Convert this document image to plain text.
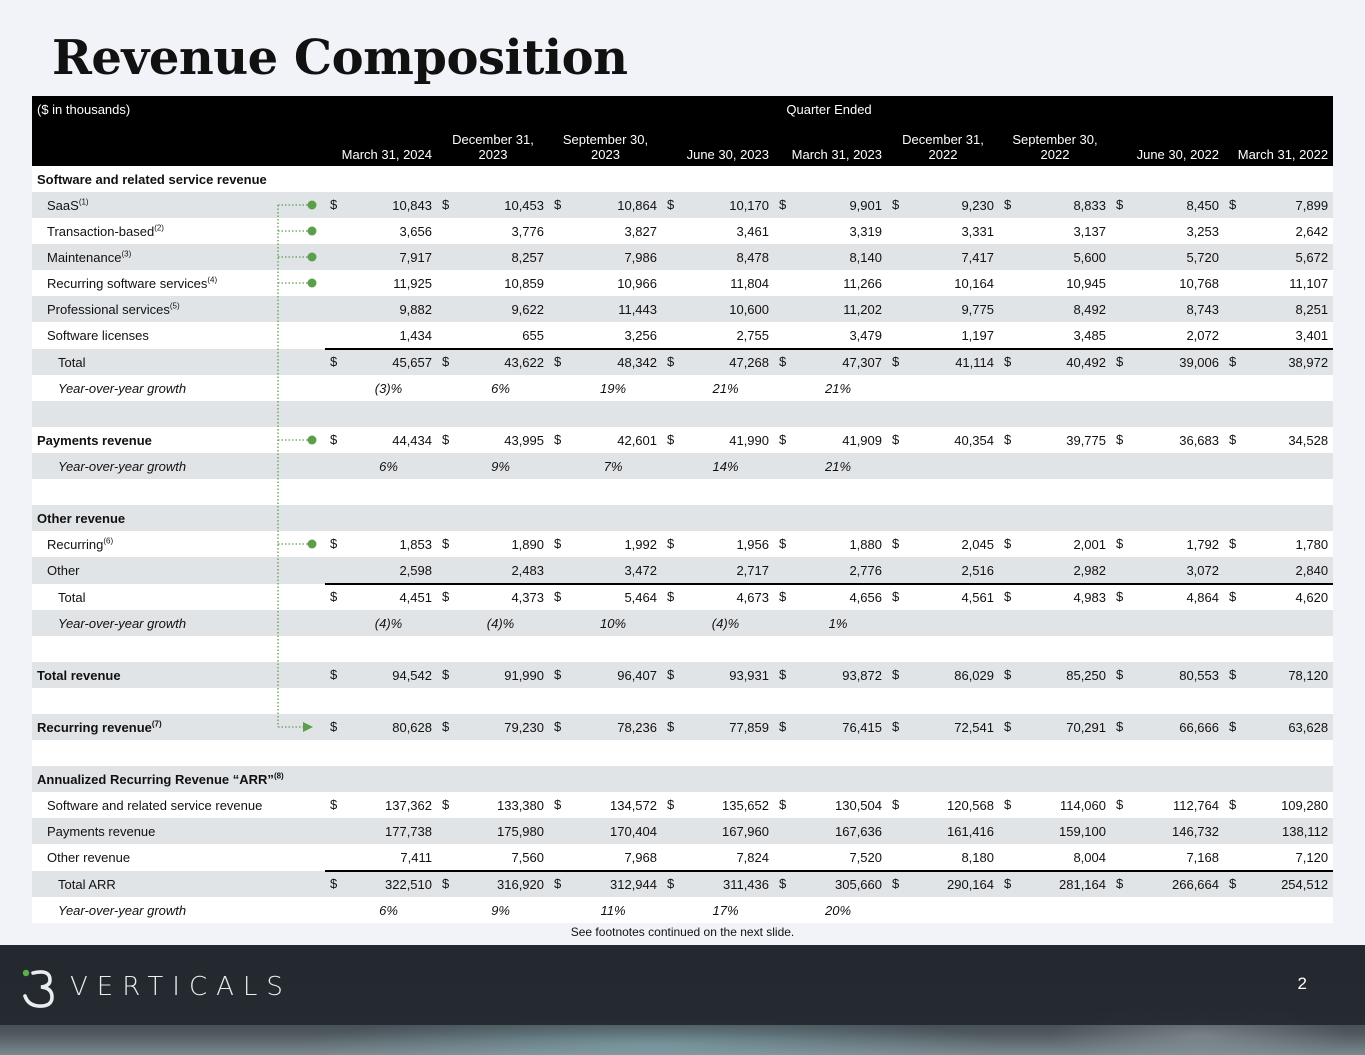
Revenue Composition
($ in thousands)	Quarter Ended								
	March 31, 2024	December 31, 2023	September 30, 2023	June 30, 2023	March 31, 2023	December 31, 2022	September 30, 2022	June 30, 2022	March 31, 2022
Software and related service revenue									
SaaS$^{(1)}$	$ 10,843	$ 10,453	$ 10,864	$ 10,170	$ 9,901	$ 9,230	$ 8,833	$ 8,450	$ 7,899
Transaction-based$^{(2)}$	3,656	3,776	3,827	3,461	3,319	3,331	3,137	3,253	2,642
Maintenance$^{(3)}$	7,917	8,257	7,986	8,478	8,140	7,417	5,600	5,720	5,672
Recurring software services$^{(4)}$	11,925	10,859	10,966	11,804	11,266	10,164	10,945	10,768	11,107
Professional services$^{(5)}$	9,882	9,622	11,443	10,600	11,202	9,775	8,492	8,743	8,251
Software licenses	1,434	655	3,256	2,755	3,479	1,197	3,485	2,072	3,401
Total	$ 45,657	$ 43,622	$ 48,342	$ 47,268	$ 47,307	$ 41,114	$ 40,492	$ 39,006	$ 38,972
Year-over-year growth	(3)%	6%	19%	21%	21%				

Payments revenue	$ 44,434	$ 43,995	$ 42,601	$ 41,990	$ 41,909	$ 40,354	$ 39,775	$ 36,683	$ 34,528
Year-over-year growth	6%	9%	7%	14%	21%				

Other revenue									
Recurring$^{(6)}$	$ 1,853	$ 1,890	$ 1,992	$ 1,956	$ 1,880	$ 2,045	$ 2,001	$ 1,792	$ 1,780
Other	2,598	2,483	3,472	2,717	2,776	2,516	2,982	3,072	2,840
Total	$ 4,451	$ 4,373	$ 5,464	$ 4,673	$ 4,656	$ 4,561	$ 4,983	$ 4,864	$ 4,620
Year-over-year growth	(4)%	(4)%	10%	(4)%	1%				

Total revenue	$ 94,542	$ 91,990	$ 96,407	$ 93,931	$ 93,872	$ 86,029	$ 85,250	$ 80,553	$ 78,120

Recurring revenue$^{(7)}$	$ 80,628	$ 79,230	$ 78,236	$ 77,859	$ 76,415	$ 72,541	$ 70,291	$ 66,666	$ 63,628

Annualized Recurring Revenue “ARR”$^{(8)}$									
Software and related service revenue	$ 137,362	$ 133,380	$ 134,572	$ 135,652	$ 130,504	$ 120,568	$ 114,060	$ 112,764	$ 109,280
Payments revenue	177,738	175,980	170,404	167,960	167,636	161,416	159,100	146,732	138,112
Other revenue	7,411	7,560	7,968	7,824	7,520	8,180	8,004	7,168	7,120
Total ARR	$ 322,510	$ 316,920	$ 312,944	$ 311,436	$ 305,660	$ 290,164	$ 281,164	$ 266,664	$ 254,512
Year-over-year growth	6%	9%	11%	17%	20%				
See footnotes continued on the next slide.
VERTICALS	2
